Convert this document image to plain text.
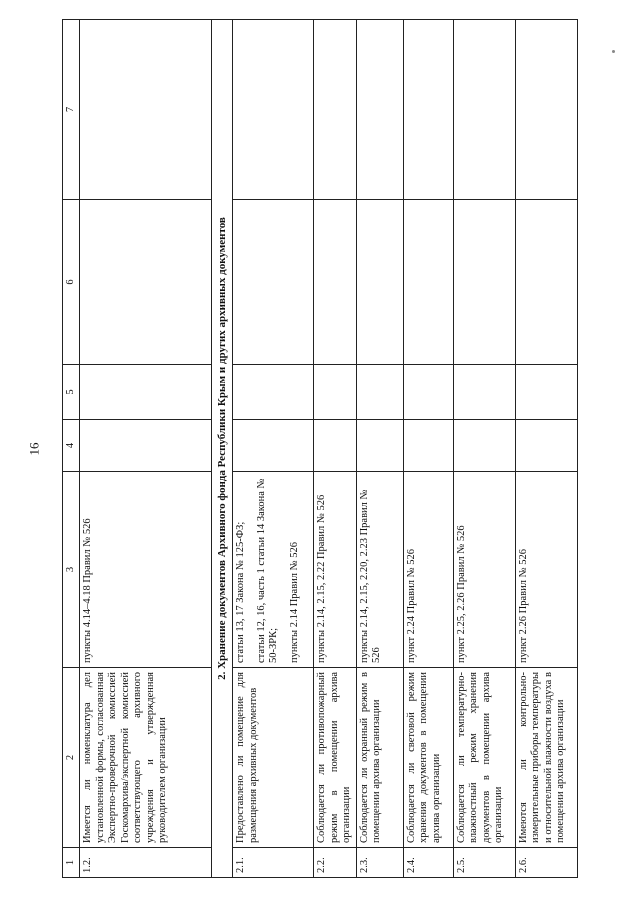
16
1	2	3	4	5	6	7
1.2.	Имеется ли номенклатура дел установленной формы, согласованная Экспертно-проверочной комиссией Госкомархива/экспертной комиссией соответствующего архивного учреждения и утвержденная руководителем организации	пункты 4.14–4.18 Правил № 526				

2. Хранение документов Архивного фонда Республики Крым и других архивных документов						
2.1.	Предоставлено ли помещение для размещения архивных документов	статьи 13, 17 Закона № 125-ФЗ; статьи 12, 16, часть 1 статьи 14 Закона № 50-ЗРК; пункты 2.14 Правил № 526				

2.2.	Соблюдается ли противопожарный режим в помещении архива организации	пункты 2.14, 2.15, 2.22 Правил № 526				

2.3.	Соблюдается ли охранный режим в помещении архива организации	пункты 2.14, 2.15, 2.20, 2.23 Правил № 526				

2.4.	Соблюдается ли световой режим хранения документов в помещении архива организации	пункт 2.24 Правил № 526				

2.5.	Соблюдается ли температурно-влажностный режим хранения документов в помещении архива организации	пункт 2.25, 2.26 Правил № 526				

2.6.	Имеются ли контрольно-измерительные приборы температуры и относительной влажности воздуха в помещении архива организации	пункт 2.26 Правил № 526				
